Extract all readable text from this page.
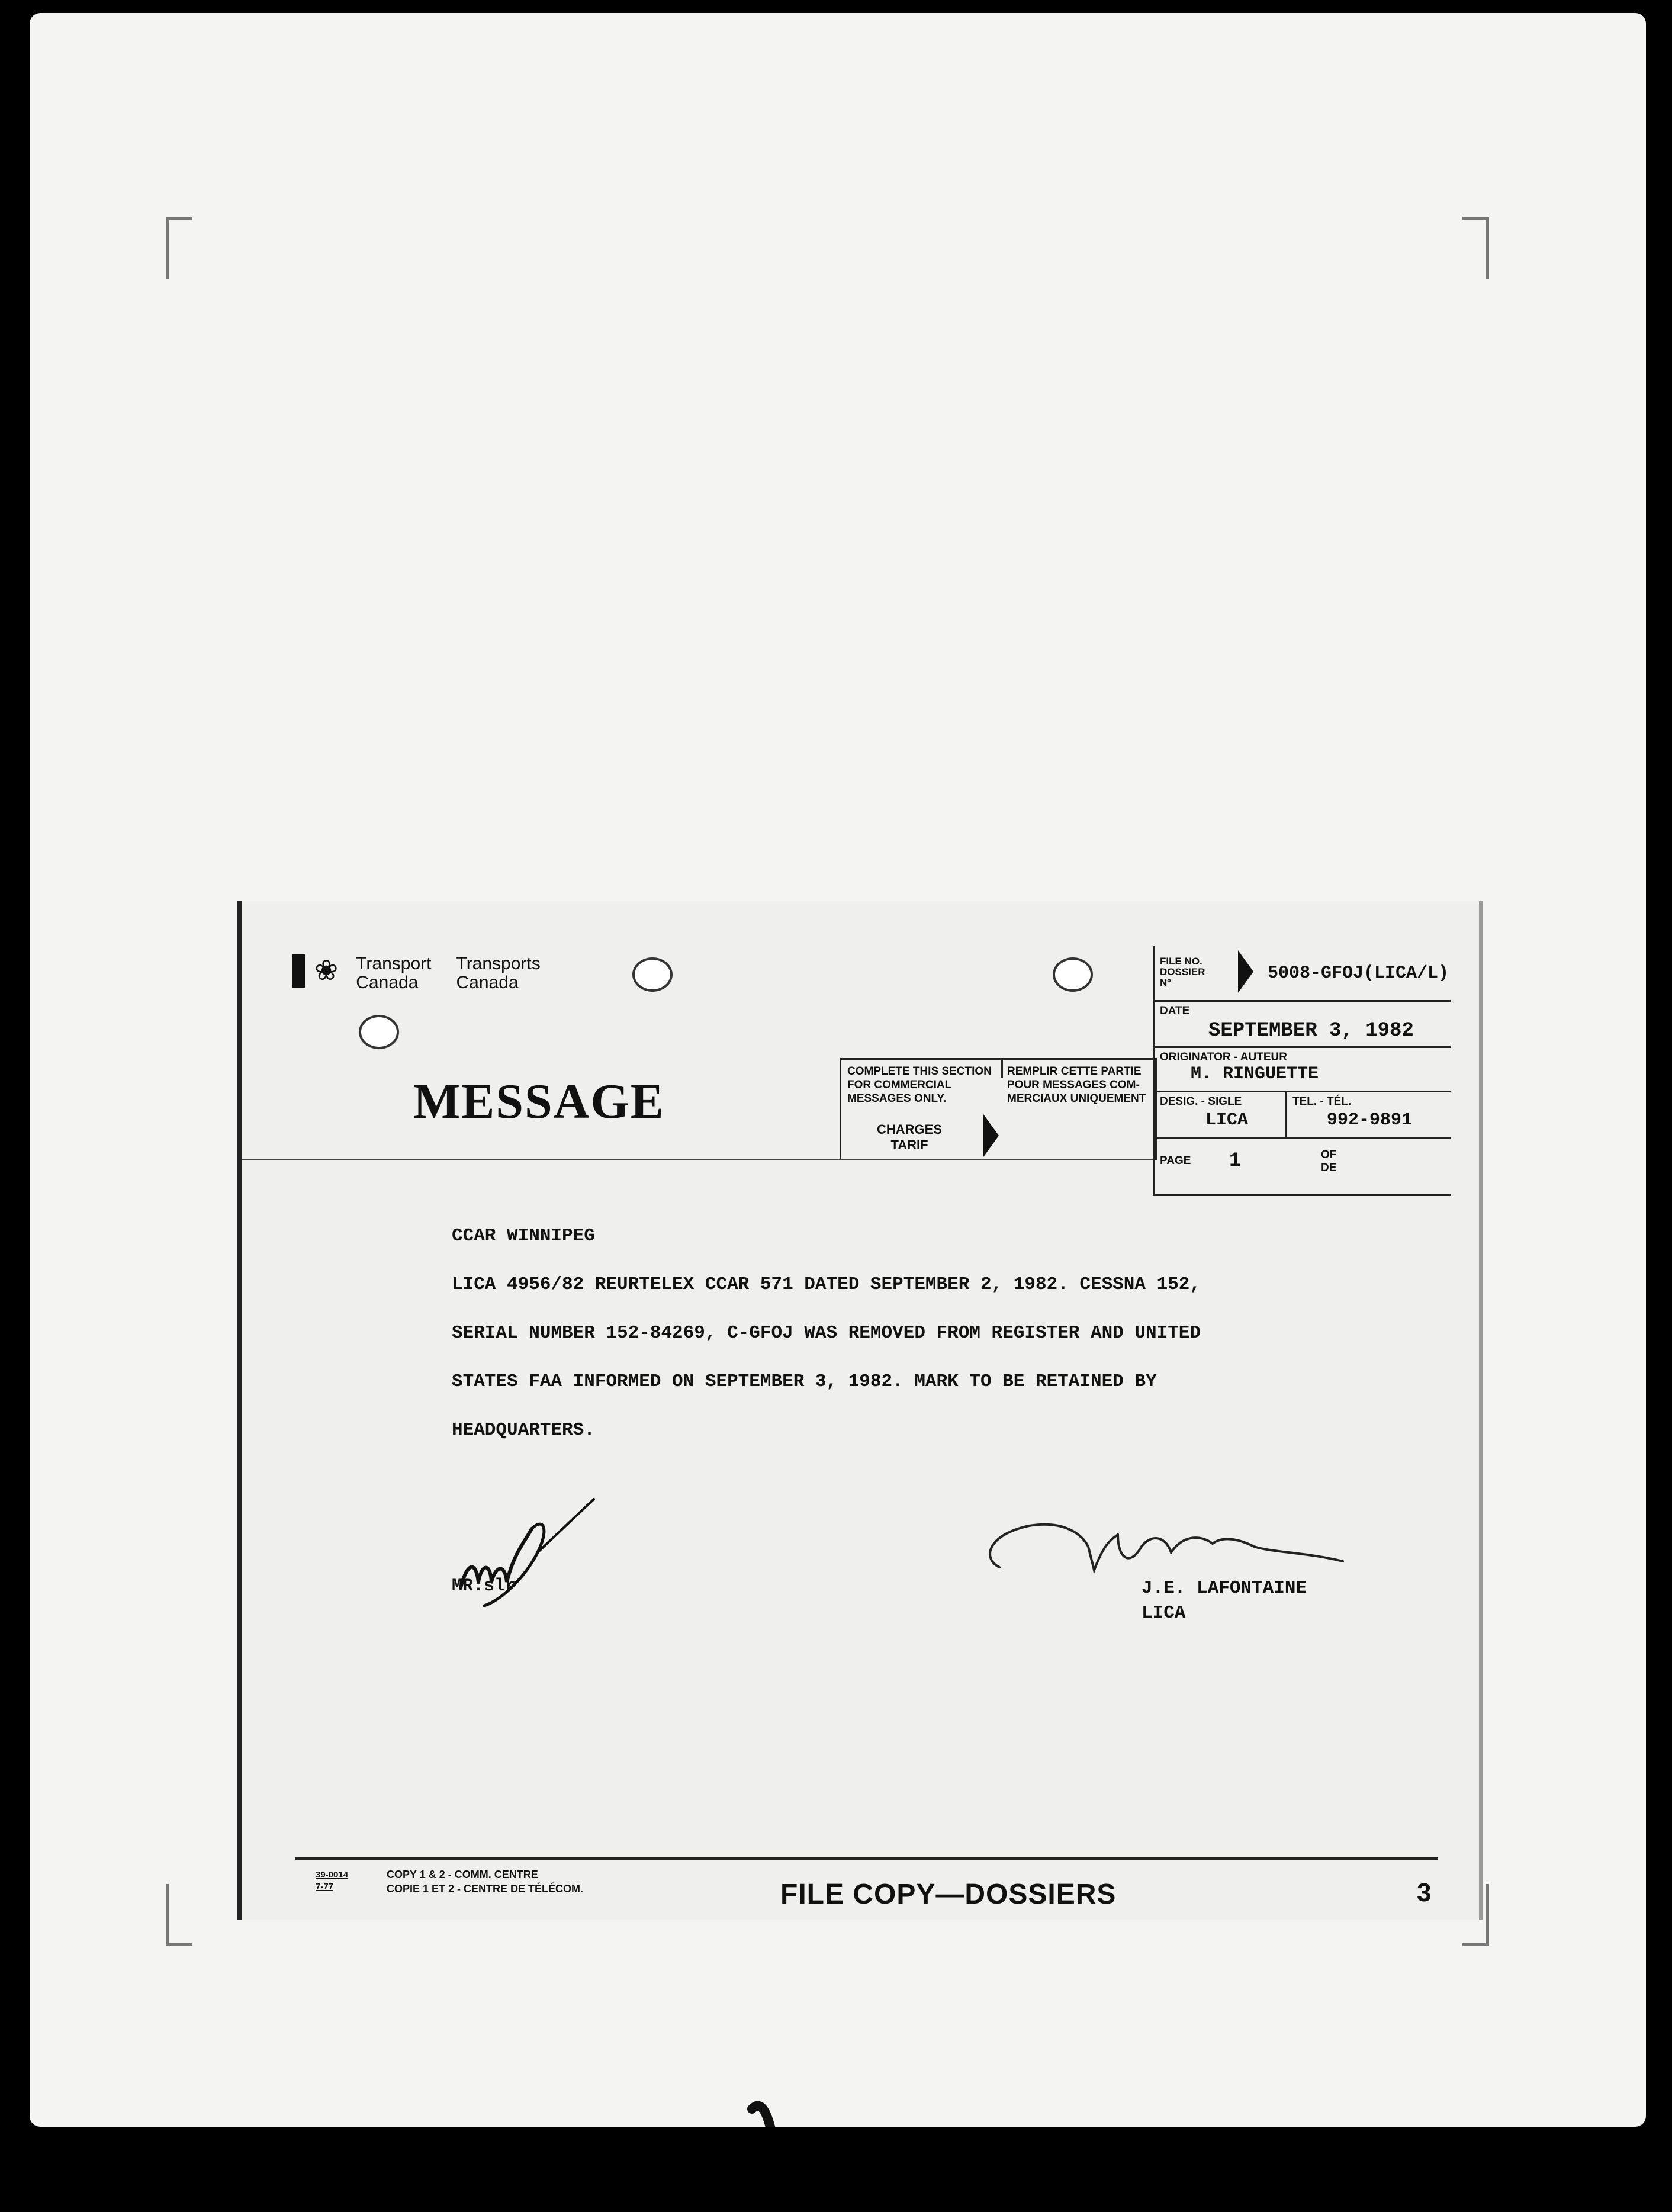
❀ Transport
Canada
Transports
Canada
MESSAGE
COMPLETE THIS SECTION
FOR COMMERCIAL
MESSAGES ONLY.
REMPLIR CETTE PARTIE
POUR MESSAGES COM-
MERCIAUX UNIQUEMENT
CHARGES
TARIF
FILE NO.
DOSSIER
Nº	5008-GFOJ(LICA/L)
DATE
SEPTEMBER 3, 1982
ORIGINATOR - AUTEUR
M. RINGUETTE
DESIG. - SIGLE
LICA
TEL. - TÉL.
992-9891
PAGE 1	OF
DE
CCAR WINNIPEG
LICA 4956/82 REURTELEX CCAR 571 DATED SEPTEMBER 2, 1982. CESSNA 152,
SERIAL NUMBER 152-84269, C-GFOJ WAS REMOVED FROM REGISTER AND UNITED
STATES FAA INFORMED ON SEPTEMBER 3, 1982. MARK TO BE RETAINED BY
HEADQUARTERS.
MR:slr	J.E. LAFONTAINE
LICA
39-0014
7-77
COPY 1 & 2 - COMM. CENTRE
COPIE 1 ET 2 - CENTRE DE TÉLÉCOM.	FILE COPY—DOSSIERS	3
